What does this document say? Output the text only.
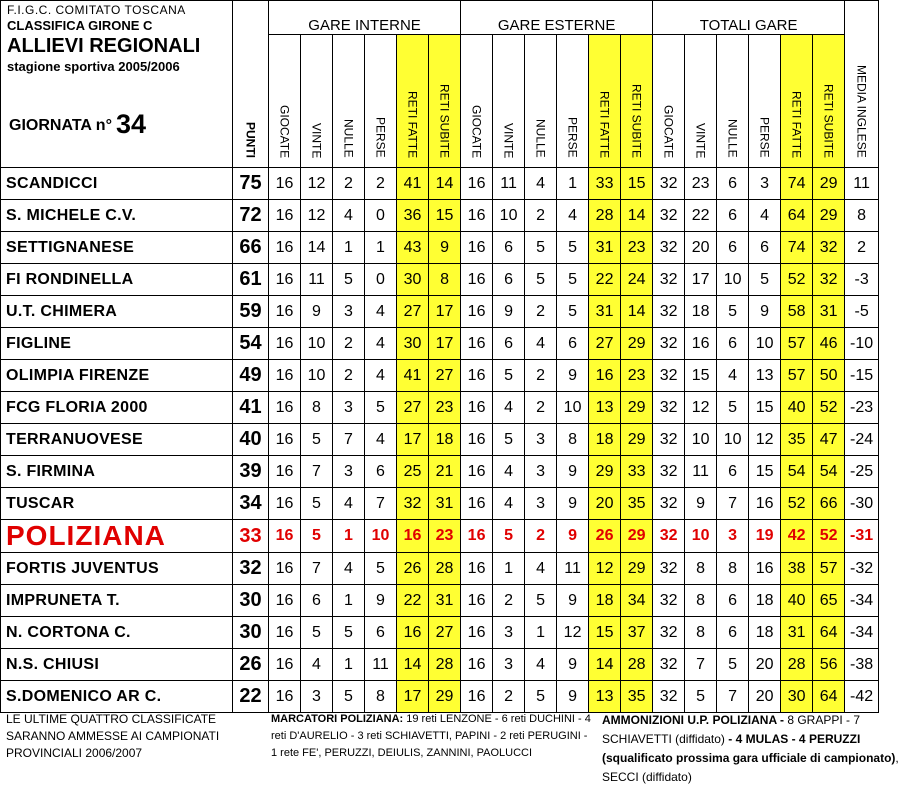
F.I.G.C. COMITATO TOSCANA
CLASSIFICA GIRONE C
ALLIEVI REGIONALI
stagione sportiva 2005/2006
GIORNATA n° 34	PUNTI	GARE INTERNE						GARE ESTERNE						TOTALI GARE						MEDIA INGLESE

		GIOCATE	VINTE	NULLE	PERSE	RETI FATTE	RETI SUBITE	GIOCATE	VINTE	NULLE	PERSE	RETI FATTE	RETI SUBITE	GIOCATE	VINTE	NULLE	PERSE	RETI FATTE	RETI SUBITE	
SCANDICCI	75	16	12	2	2	41	14	16	11	4	1	33	15	32	23	6	3	74	29	11
S. MICHELE C.V.	72	16	12	4	0	36	15	16	10	2	4	28	14	32	22	6	4	64	29	8
SETTIGNANESE	66	16	14	1	1	43	9	16	6	5	5	31	23	32	20	6	6	74	32	2
FI RONDINELLA	61	16	11	5	0	30	8	16	6	5	5	22	24	32	17	10	5	52	32	-3
U.T. CHIMERA	59	16	9	3	4	27	17	16	9	2	5	31	14	32	18	5	9	58	31	-5
FIGLINE	54	16	10	2	4	30	17	16	6	4	6	27	29	32	16	6	10	57	46	-10
OLIMPIA FIRENZE	49	16	10	2	4	41	27	16	5	2	9	16	23	32	15	4	13	57	50	-15
FCG FLORIA 2000	41	16	8	3	5	27	23	16	4	2	10	13	29	32	12	5	15	40	52	-23
TERRANUOVESE	40	16	5	7	4	17	18	16	5	3	8	18	29	32	10	10	12	35	47	-24
S. FIRMINA	39	16	7	3	6	25	21	16	4	3	9	29	33	32	11	6	15	54	54	-25
TUSCAR	34	16	5	4	7	32	31	16	4	3	9	20	35	32	9	7	16	52	66	-30
POLIZIANA	33	16	5	1	10	16	23	16	5	2	9	26	29	32	10	3	19	42	52	-31
FORTIS JUVENTUS	32	16	7	4	5	26	28	16	1	4	11	12	29	32	8	8	16	38	57	-32
IMPRUNETA T.	30	16	6	1	9	22	31	16	2	5	9	18	34	32	8	6	18	40	65	-34
N. CORTONA C.	30	16	5	5	6	16	27	16	3	1	12	15	37	32	8	6	18	31	64	-34
N.S. CHIUSI	26	16	4	1	11	14	28	16	3	4	9	14	28	32	7	5	20	28	56	-38
S.DOMENICO AR C.	22	16	3	5	8	17	29	16	2	5	9	13	35	32	5	7	20	30	64	-42
LE ULTIME QUATTRO CLASSIFICATE
SARANNO AMMESSE AI CAMPIONATI
PROVINCIALI 2006/2007
MARCATORI POLIZIANA: 19 reti LENZONE - 6 reti DUCHINI - 4 reti D'AURELIO - 3 reti SCHIAVETTI, PAPINI - 2 reti PERUGINI - 1 rete FE', PERUZZI, DEIULIS, ZANNINI, PAOLUCCI
AMMONIZIONI U.P. POLIZIANA - 8 GRAPPI - 7 SCHIAVETTI (diffidato) - 4 MULAS - 4 PERUZZI (squalificato prossima gara ufficiale di campionato), SECCI (diffidato)
